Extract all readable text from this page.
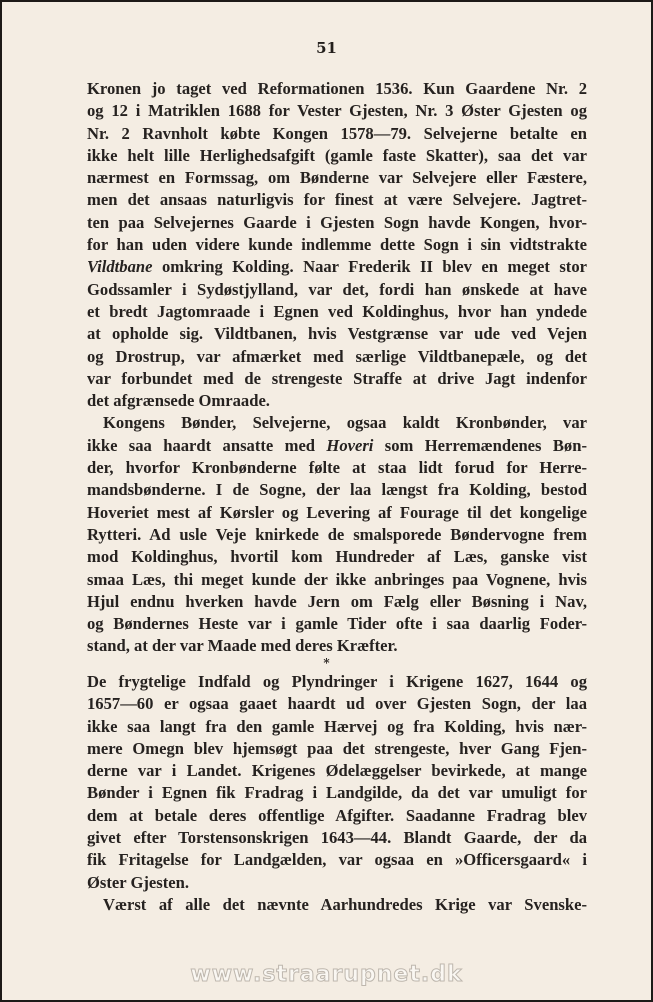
51
Kronen jo taget ved Reformationen 1536. Kun Gaardene Nr. 2
og 12 i Matriklen 1688 for Vester Gjesten, Nr. 3 Øster Gjesten og
Nr. 2 Ravnholt købte Kongen 1578—79. Selvejerne betalte en
ikke helt lille Herlighedsafgift (gamle faste Skatter), saa det var
nærmest en Formssag, om Bønderne var Selvejere eller Fæstere,
men det ansaas naturligvis for finest at være Selvejere. Jagtret-
ten paa Selvejernes Gaarde i Gjesten Sogn havde Kongen, hvor-
for han uden videre kunde indlemme dette Sogn i sin vidtstrakte
Vildtbane omkring Kolding. Naar Frederik II blev en meget stor
Godssamler i Sydøstjylland, var det, fordi han ønskede at have
et bredt Jagtomraade i Egnen ved Koldinghus, hvor han yndede
at opholde sig. Vildtbanen, hvis Vestgrænse var ude ved Vejen
og Drostrup, var afmærket med særlige Vildtbanepæle, og det
var forbundet med de strengeste Straffe at drive Jagt indenfor
det afgrænsede Omraade.
Kongens Bønder, Selvejerne, ogsaa kaldt Kronbønder, var
ikke saa haardt ansatte med Hoveri som Herremændenes Bøn-
der, hvorfor Kronbønderne følte at staa lidt forud for Herre-
mandsbønderne. I de Sogne, der laa længst fra Kolding, bestod
Hoveriet mest af Kørsler og Levering af Fourage til det kongelige
Rytteri. Ad usle Veje knirkede de smalsporede Bøndervogne frem
mod Koldinghus, hvortil kom Hundreder af Læs, ganske vist
smaa Læs, thi meget kunde der ikke anbringes paa Vognene, hvis
Hjul endnu hverken havde Jern om Fælg eller Bøsning i Nav,
og Bøndernes Heste var i gamle Tider ofte i saa daarlig Foder-
stand, at der var Maade med deres Kræfter.
*
De frygtelige Indfald og Plyndringer i Krigene 1627, 1644 og
1657—60 er ogsaa gaaet haardt ud over Gjesten Sogn, der laa
ikke saa langt fra den gamle Hærvej og fra Kolding, hvis nær-
mere Omegn blev hjemsøgt paa det strengeste, hver Gang Fjen-
derne var i Landet. Krigenes Ødelæggelser bevirkede, at mange
Bønder i Egnen fik Fradrag i Landgilde, da det var umuligt for
dem at betale deres offentlige Afgifter. Saadanne Fradrag blev
givet efter Torstensonskrigen 1643—44. Blandt Gaarde, der da
fik Fritagelse for Landgælden, var ogsaa en »Officersgaard« i
Øster Gjesten.
Værst af alle det nævnte Aarhundredes Krige var Svenske-
www.straarupnet.dk
